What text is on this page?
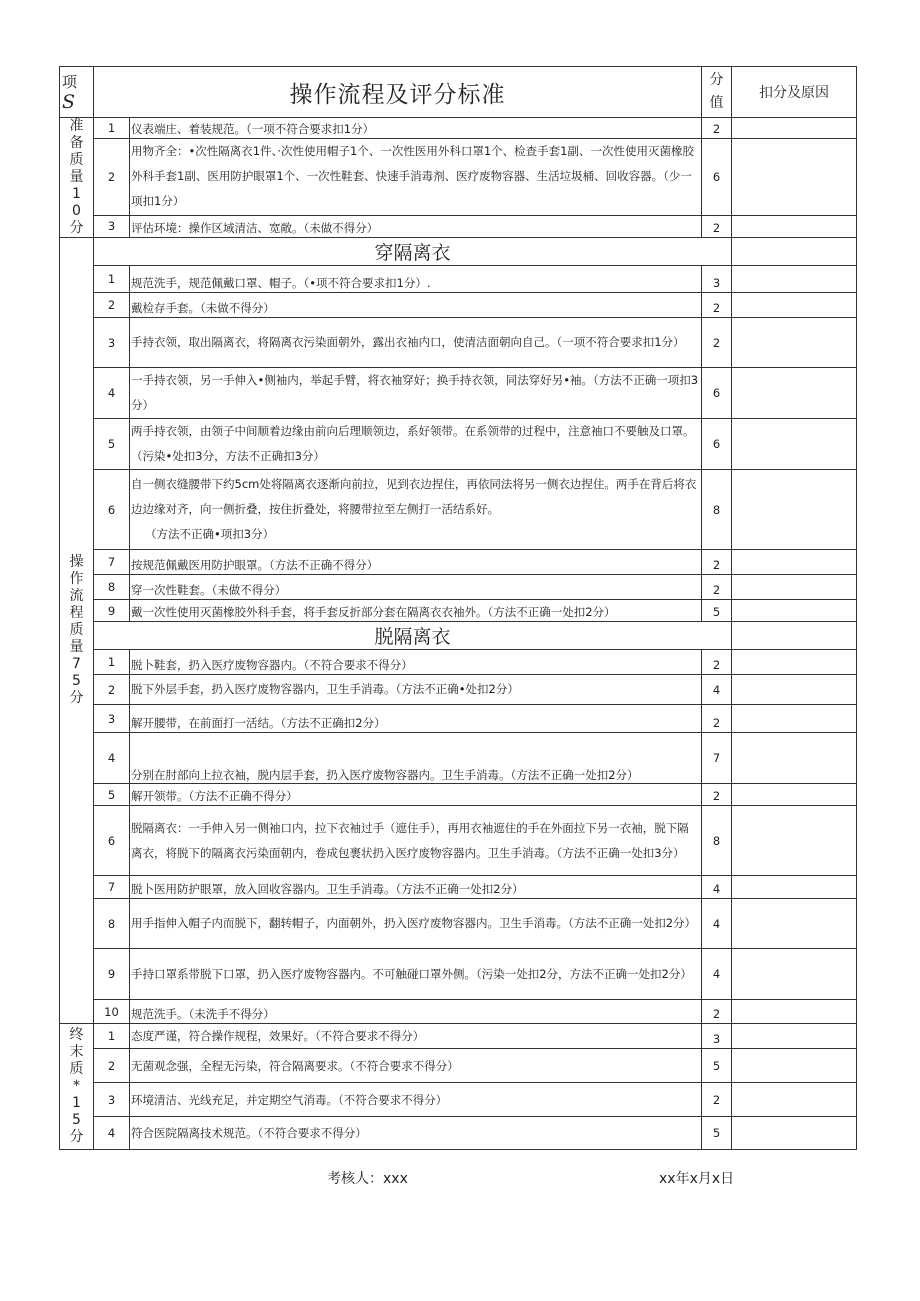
项
S	操作流程及评分标准		分
值	扣分及原因
准备质量10分	1	仪表端庄、着装规范。（一项不符合要求扣1分）	2	
	2	用物齐全：•次性隔离衣1件、·次性使用帽子1个、一次性医用外科口罩1个、检查手套1副、一次性使用灭菌橡胶外科手套1副、医用防护眼罩1个、一次性鞋套、快速手消毒剂、医疗废物容器、生活垃圾桶、回收容器。（少一项扣1分）	6	
	3	评估环境：操作区域清洁、宽敞。（未做不得分）	2	
操作流程质量75分	穿隔离衣			
	1	规范洗手，规范佩戴口罩、帽子。（•项不符合要求扣1分）.	3	
	2	戴检存手套。（未做不得分）	2	
	3	手持衣领，取出隔离衣，将隔离衣污染面朝外，露出衣袖内口，使清洁面朝向自己。（一项不符合要求扣1分）	2	
	4	一手持衣领，另一手伸入•侧袖内，举起手臂，将衣袖穿好；换手持衣领，同法穿好另•袖。（方法不正确一项扣3分）	6	
	5	两手持衣领，由领子中间顺着边缘由前向后理顺领边，系好领带。在系领带的过程中，注意袖口不要触及口罩。（污染•处扣3分，方法不正确扣3分）	6	
	6	自一侧衣缝腰带下约5cm处将隔离衣逐渐向前拉，见到衣边捏住，再依同法将另一侧衣边捏住。两手在背后将衣边边缘对齐，向一侧折叠，按住折叠处，将腰带拉至左侧打一活结系好。
（方法不正确•项扣3分）	8	
	7	按规范佩戴医用防护眼罩。（方法不正确不得分）	2	
	8	穿一次性鞋套。（未做不得分）	2	
	9	戴一次性使用灭菌橡胶外科手套，将手套反折部分套在隔离衣衣袖外。（方法不正确一处扣2分）	5	
	脱隔离衣			
	1	脱卜鞋套，扔入医疗废物容器内。（不符合要求不得分）	2	
	2	脱下外层手套，扔入医疗废物容器内，卫生手消毒。（方法不正确•处扣2分）	4	
	3	解开腰带，在前面打一活结。（方法不正确扣2分）	2	
	4	分别在肘部向上拉衣袖，脱内层手套，扔入医疗废物容器内。卫生手消毒。（方法不正确一处扣2分）	7	
	5	解开领带。（方法不正确不得分）	2	
	6	脱隔离衣：一手伸入另一侧袖口内，拉下衣袖过手（遮住手），再用衣袖遮住的手在外面拉下另一衣袖，脱下隔离衣，将脱下的隔离衣污染面朝内，卷成包裹状扔入医疗废物容器内。卫生手消毒。（方法不正确一处扣3分）	8	
	7	脱卜医用防护眼罩，放入回收容器内。卫生手消毒。（方法不正确一处扣2分）	4	
	8	用手指伸入帽子内而脱下，翻转帽子，内面朝外，扔入医疗废物容器内。卫生手消毒。（方法不正确一处扣2分）	4	
	9	手持口罩系带脱下口罩，扔入医疗废物容器内。不可触碰口罩外侧。（污染一处扣2分，方法不正确一处扣2分）	4	
	10	规范洗手。（未洗手不得分）	2	
终末质*15分	1	态度严谨，符合操作规程，效果好。（不符合要求不得分）	3	
	2	无菌观念强，全程无污染，符合隔离要求。（不符合要求不得分）	5	
	3	环境清洁、光线充足，并定期空气消毒。（不符合要求不得分）	2	
	4	符合医院隔离技术规范。（不符合要求不得分）	5	
考核人：xxx	xx年x月x日
